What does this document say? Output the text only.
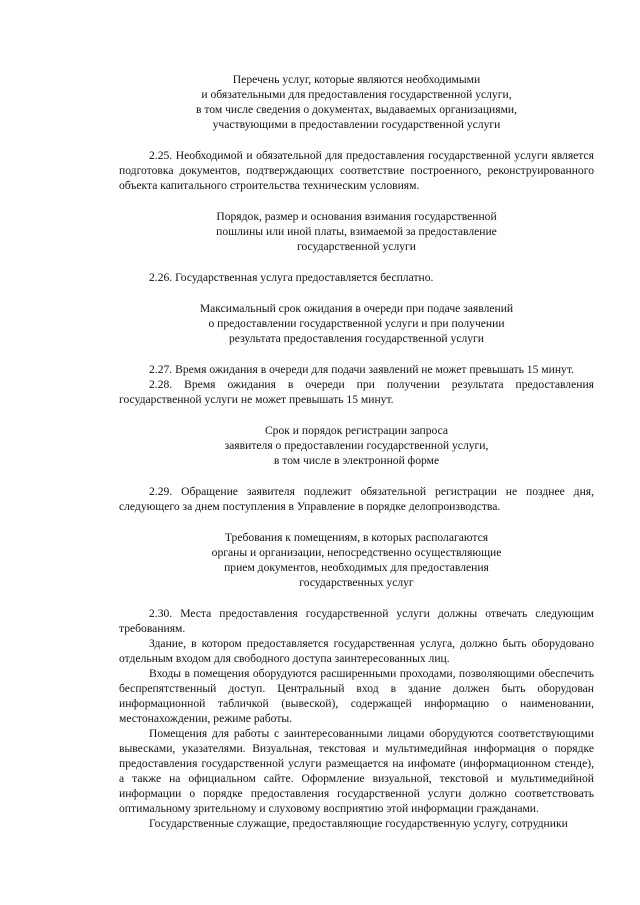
Перечень услуг, которые являются необходимыми
и обязательными для предоставления государственной услуги,
в том числе сведения о документах, выдаваемых организациями,
участвующими в предоставлении государственной услуги

2.25. Необходимой и обязательной для предоставления государственной услуги является подготовка документов, подтверждающих соответствие построенного, реконструированного объекта капитального строительства техническим условиям.

Порядок, размер и основания взимания государственной
пошлины или иной платы, взимаемой за предоставление
государственной услуги

2.26. Государственная услуга предоставляется бесплатно.

Максимальный срок ожидания в очереди при подаче заявлений
о предоставлении государственной услуги и при получении
результата предоставления государственной услуги

2.27. Время ожидания в очереди для подачи заявлений не может превышать 15 минут.

2.28. Время ожидания в очереди при получении результата предоставления государственной услуги не может превышать 15 минут.

Срок и порядок регистрации запроса
заявителя о предоставлении государственной услуги,
в том числе в электронной форме

2.29. Обращение заявителя подлежит обязательной регистрации не позднее дня, следующего за днем поступления в Управление в порядке делопроизводства.

Требования к помещениям, в которых располагаются
органы и организации, непосредственно осуществляющие
прием документов, необходимых для предоставления
государственных услуг

2.30. Места предоставления государственной услуги должны отвечать следующим требованиям.

Здание, в котором предоставляется государственная услуга, должно быть оборудовано отдельным входом для свободного доступа заинтересованных лиц.

Входы в помещения оборудуются расширенными проходами, позволяющими обеспечить беспрепятственный доступ. Центральный вход в здание должен быть оборудован информационной табличкой (вывеской), содержащей информацию о наименовании, местонахождении, режиме работы.

Помещения для работы с заинтересованными лицами оборудуются соответствующими вывесками, указателями. Визуальная, текстовая и мультимедийная информация о порядке предоставления государственной услуги размещается на инфомате (информационном стенде), а также на официальном сайте. Оформление визуальной, текстовой и мультимедийной информации о порядке предоставления государственной услуги должно соответствовать оптимальному зрительному и слуховому восприятию этой информации гражданами.

Государственные служащие, предоставляющие государственную услугу, сотрудники
